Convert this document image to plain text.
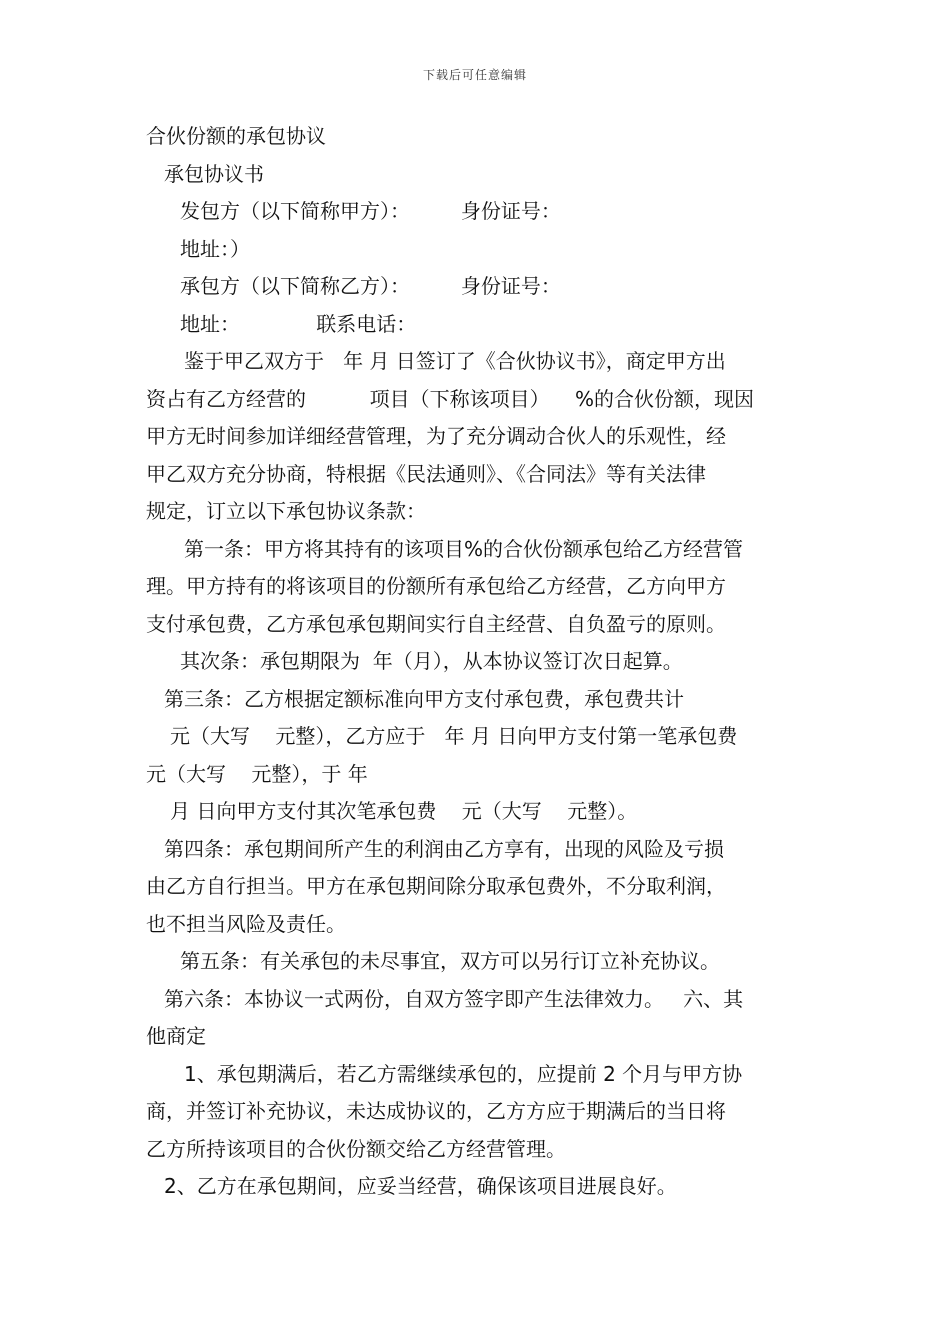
下载后可任意编辑

合伙份额的承包协议

承包协议书

发包方（以下简称甲方）：        身份证号：

地址：）

承包方（以下简称乙方）：        身份证号：

地址：            联系电话：

鉴于甲乙双方于   年 月 日签订了《合伙协议书》，商定甲方出

资占有乙方经营的          项目（下称该项目）    %的合伙份额，现因

甲方无时间参加详细经营管理，为了充分调动合伙人的乐观性，经

甲乙双方充分协商，特根据《民法通则》、《合同法》等有关法律

规定，订立以下承包协议条款：

第一条：甲方将其持有的该项目%的合伙份额承包给乙方经营管

理。甲方持有的将该项目的份额所有承包给乙方经营，乙方向甲方

支付承包费，乙方承包承包期间实行自主经营、自负盈亏的原则。

其次条：承包期限为  年（月），从本协议签订次日起算。

第三条：乙方根据定额标准向甲方支付承包费，承包费共计

元（大写    元整），乙方应于   年 月 日向甲方支付第一笔承包费

元（大写    元整），于 年

月 日向甲方支付其次笔承包费    元（大写    元整）。

第四条：承包期间所产生的利润由乙方享有，出现的风险及亏损

由乙方自行担当。甲方在承包期间除分取承包费外，不分取利润，

也不担当风险及责任。

第五条：有关承包的未尽事宜，双方可以另行订立补充协议。

第六条：本协议一式两份，自双方签字即产生法律效力。   六、其

他商定

1、承包期满后，若乙方需继续承包的，应提前 2 个月与甲方协

商，并签订补充协议，未达成协议的，乙方方应于期满后的当日将

乙方所持该项目的合伙份额交给乙方经营管理。

2、乙方在承包期间，应妥当经营，确保该项目进展良好。
